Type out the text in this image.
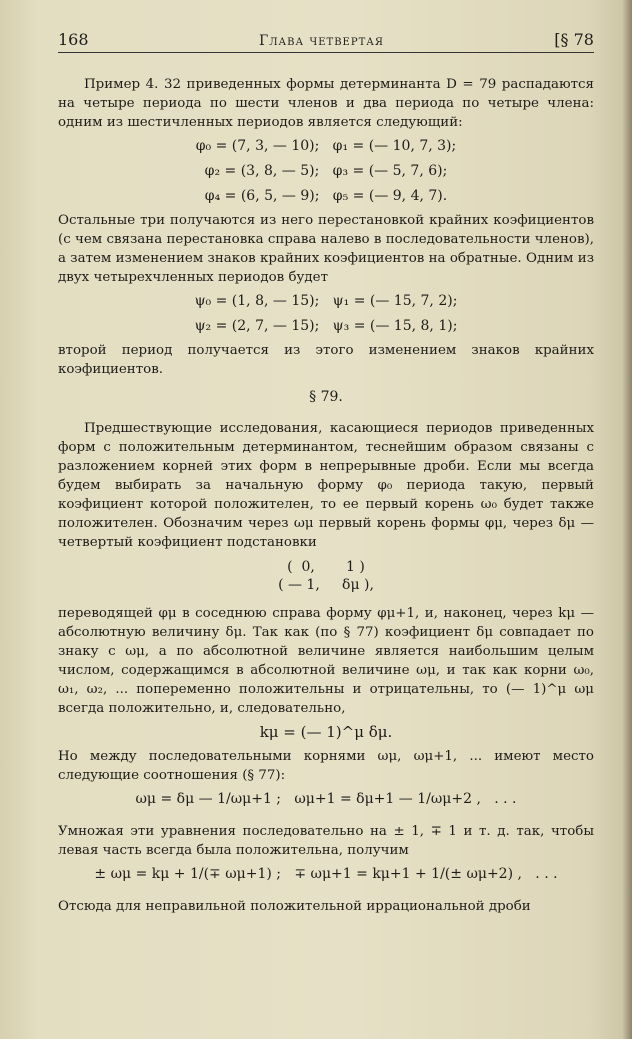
168	Глава четвертая	[§ 78

Пример 4. 32 приведенных формы детерминанта D = 79 распадаются на четыре периода по шести членов и два периода по четыре члена: одним из шестичленных периодов является следующий:

φ₀ = (7, 3, — 10);   φ₁ = (— 10, 7, 3);
φ₂ = (3, 8, — 5);   φ₃ = (— 5, 7, 6);
φ₄ = (6, 5, — 9);   φ₅ = (— 9, 4, 7).

Остальные три получаются из него перестановкой крайних коэфициентов (с чем связана перестановка справа налево в последовательности членов), а затем изменением знаков крайних коэфициентов на обратные. Одним из двух четырехчленных периодов будет

ψ₀ = (1, 8, — 15);   ψ₁ = (— 15, 7, 2);
ψ₂ = (2, 7, — 15);   ψ₃ = (— 15, 8, 1);

второй период получается из этого изменением знаков крайних коэфициентов.

§ 79.

Предшествующие исследования, касающиеся периодов приведенных форм с положительным детерминантом, теснейшим образом связаны с разложением корней этих форм в непрерывные дроби. Если мы всегда будем выбирать за начальную форму φ₀ периода такую, первый коэфициент которой положителен, то ее первый корень ω₀ будет также положителен. Обозначим через ωμ первый корень формы φμ, через δμ — четвертый коэфициент подстановки

(  0,       1 )
( — 1,     δμ ),

переводящей φμ в соседнюю справа форму φμ+1, и, наконец, через kμ — абсолютную величину δμ. Так как (по § 77) коэфициент δμ совпадает по знаку с ωμ, а по абсолютной величине является наибольшим целым числом, содержащимся в абсолютной величине ωμ, и так как корни ω₀, ω₁, ω₂, ... попеременно положительны и отрицательны, то (— 1)^μ ωμ всегда положительно, и, следовательно,

kμ = (— 1)^μ δμ.

Но между последовательными корнями ωμ, ωμ+1, ... имеют место следующие соотношения (§ 77):

ωμ = δμ — 1/ωμ+1 ;   ωμ+1 = δμ+1 — 1/ωμ+2 ,   . . .

Умножая эти уравнения последовательно на ± 1, ∓ 1 и т. д. так, чтобы левая часть всегда была положительна, получим

± ωμ = kμ + 1/(∓ ωμ+1) ;   ∓ ωμ+1 = kμ+1 + 1/(± ωμ+2) ,   . . .

Отсюда для неправильной положительной иррациональной дроби
